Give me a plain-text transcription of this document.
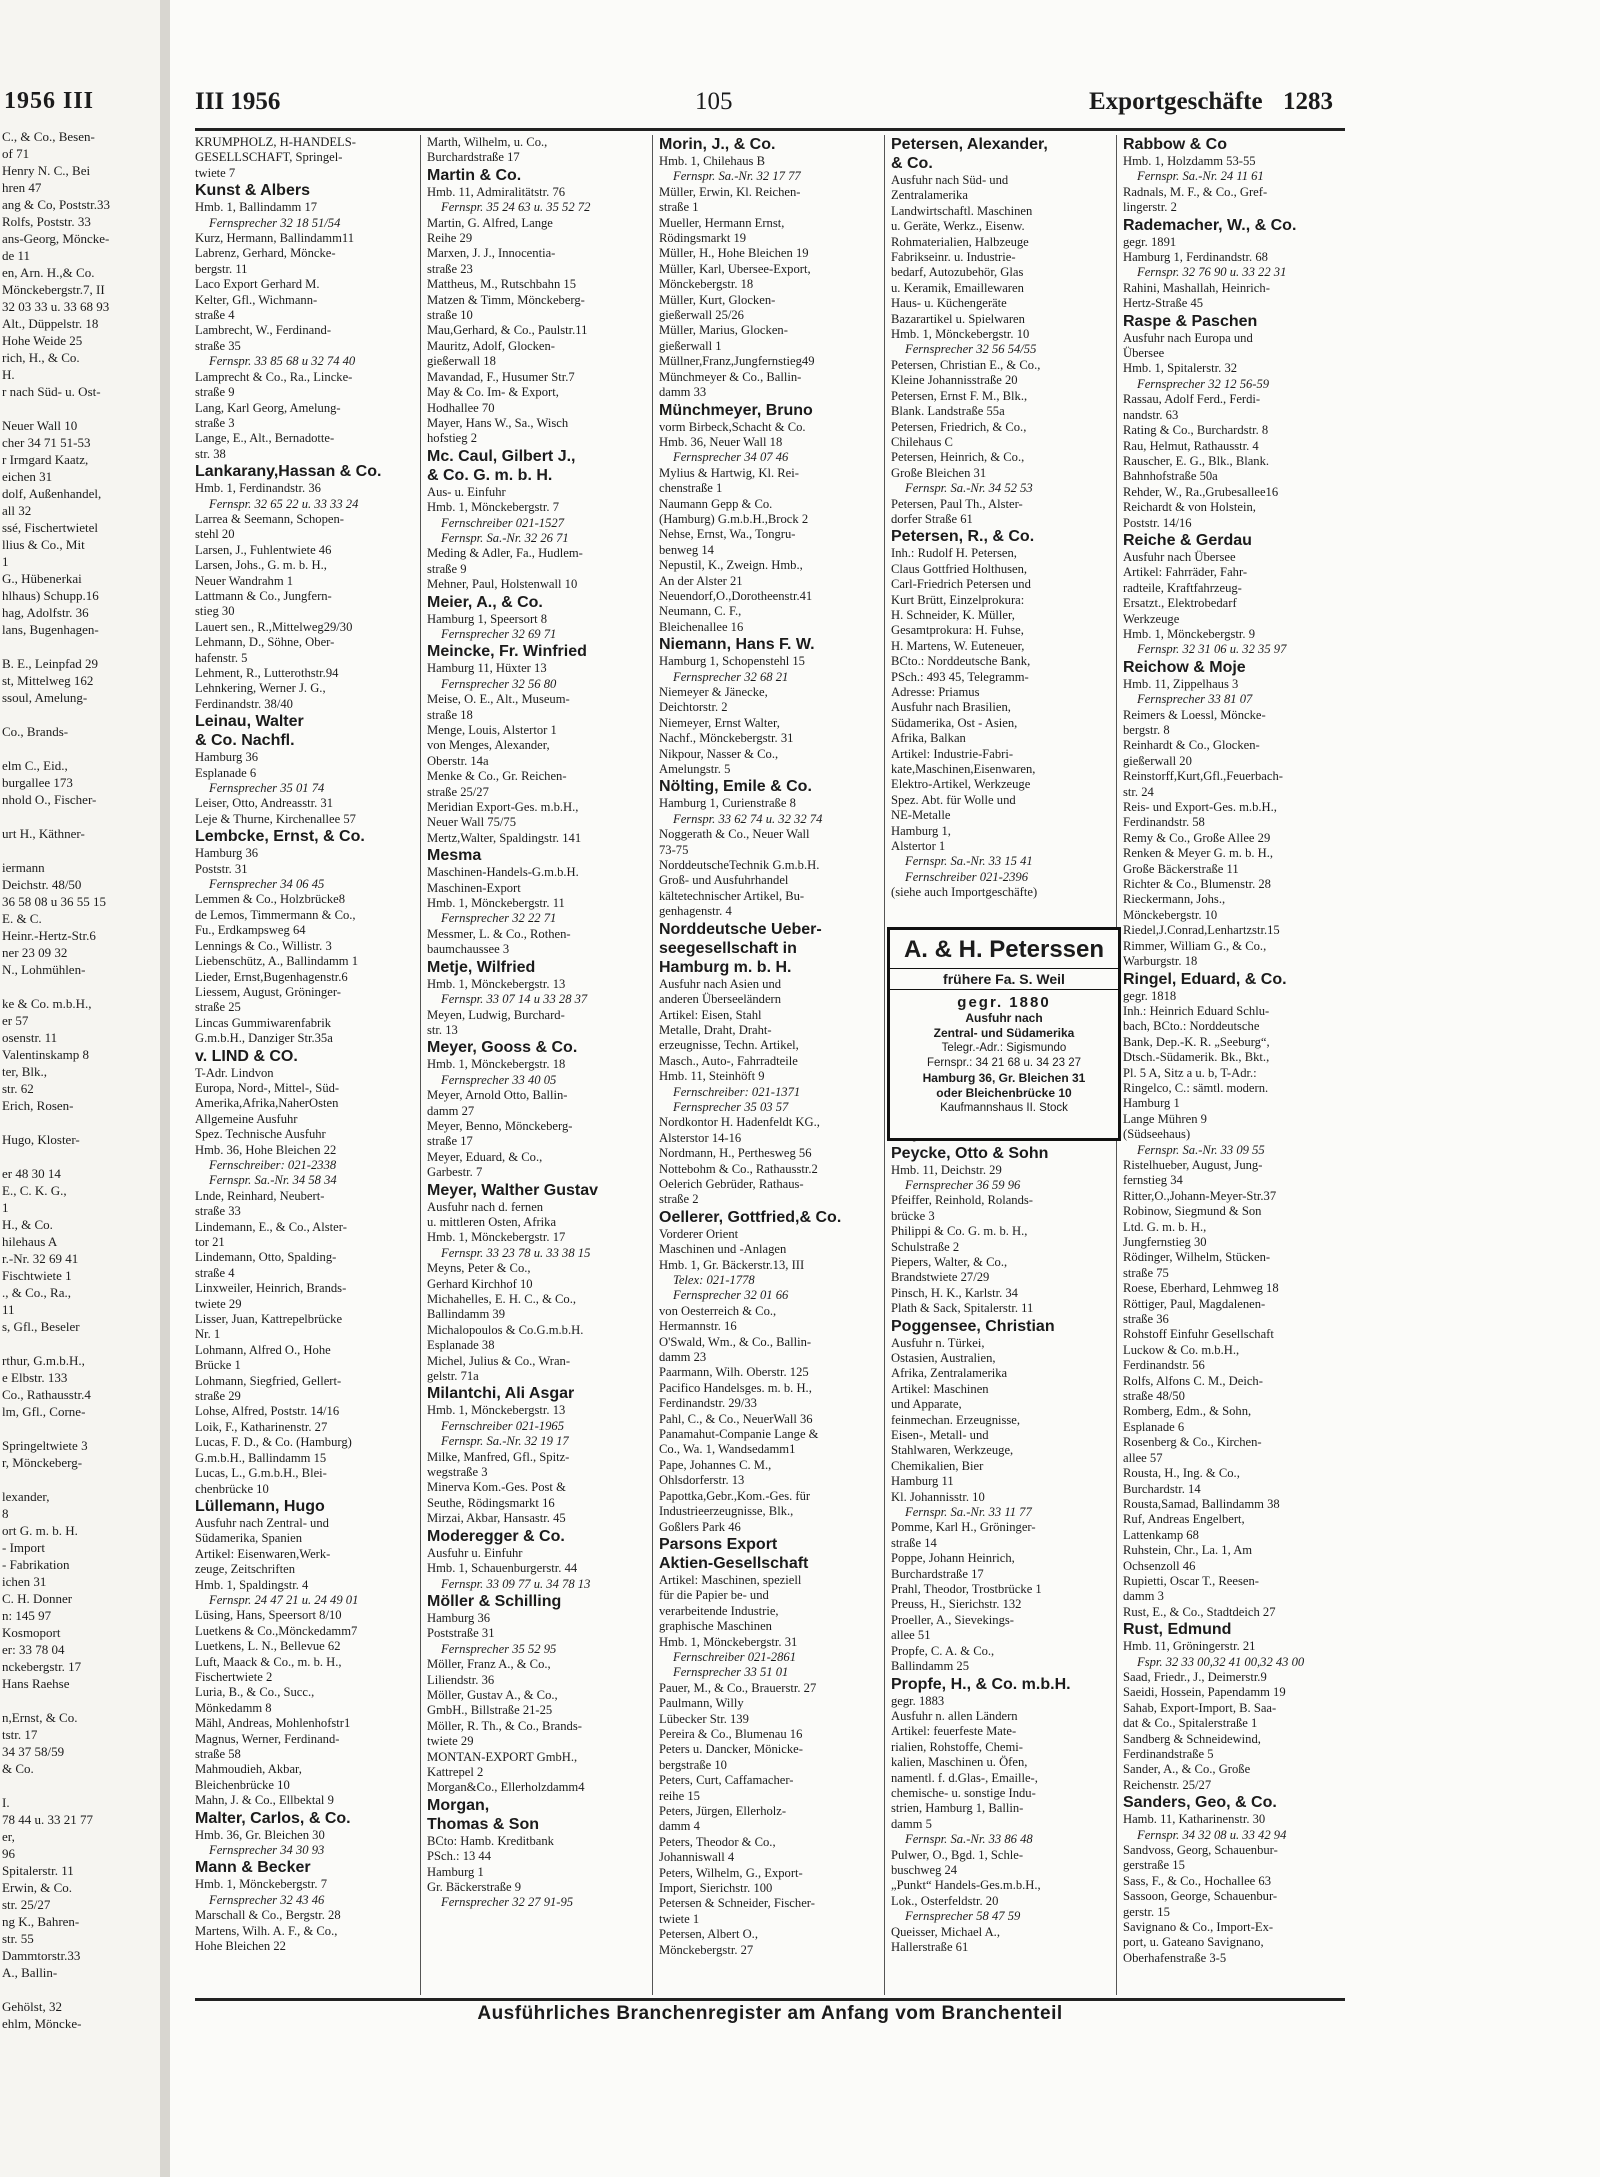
1956 III
C., & Co., Besen-
of 71
Henry N. C., Bei
hren 47
ang & Co, Poststr.33
Rolfs, Poststr. 33
ans-Georg, Möncke-
de 11
en, Arn. H.,& Co.
Mönckebergstr.7, II
32 03 33 u. 33 68 93
Alt., Düppelstr. 18
Hohe Weide 25
rich, H., & Co.
H.
r nach Süd- u. Ost-

Neuer Wall 10
cher 34 71 51-53
r Irmgard Kaatz,
eichen 31
dolf, Außenhandel,
all 32
ssé, Fischertwietel
llius & Co., Mit
1
G., Hübenerkai
hlhaus) Schupp.16
hag, Adolfstr. 36
lans, Bugenhagen-

B. E., Leinpfad 29
st, Mittelweg 162
ssoul, Amelung-

Co., Brands-

elm C., Eid.,
burgallee 173
nhold O., Fischer-

urt H., Käthner-

iermann
Deichstr. 48/50
36 58 08 u 36 55 15
E. & C.
Heinr.-Hertz-Str.6
ner 23 09 32
N., Lohmühlen-

ke & Co. m.b.H.,
er 57
osenstr. 11
Valentinskamp 8
ter, Blk.,
str. 62
Erich, Rosen-

Hugo, Kloster-

er 48 30 14
E., C. K. G.,
1
H., & Co.
hilehaus A
r.-Nr. 32 69 41
Fischtwiete 1
., & Co., Ra.,
11
s, Gfl., Beseler

rthur, G.m.b.H.,
e Elbstr. 133
Co., Rathausstr.4
lm, Gfl., Corne-

Springeltwiete 3
r, Mönckeberg-

lexander,
8
ort G. m. b. H.
- Import
- Fabrikation
ichen 31
C. H. Donner
n: 145 97
Kosmoport
er: 33 78 04
nckebergstr. 17
Hans Raehse

n,Ernst, & Co.
tstr. 17
34 37 58/59
& Co.

I.
78 44 u. 33 21 77
er,
96
Spitalerstr. 11
Erwin, & Co.
str. 25/27
ng K., Bahren-
str. 55
Dammtorstr.33
A., Ballin-

Gehölst, 32
ehlm, Möncke-
III 1956	105	Exportgeschäfte 1283
KRUMPHOLZ, H-HANDELS-
GESELLSCHAFT, Springel-
twiete 7
Kunst & Albers
Hmb. 1, Ballindamm 17
Fernsprecher 32 18 51/54
Kurz, Hermann, Ballindamm11
Labrenz, Gerhard, Möncke-
bergstr. 11
Laco Export Gerhard M.
Kelter, Gfl., Wichmann-
straße 4
Lambrecht, W., Ferdinand-
straße 35
Fernspr. 33 85 68 u 32 74 40
Lamprecht & Co., Ra., Lincke-
straße 9
Lang, Karl Georg, Amelung-
straße 3
Lange, E., Alt., Bernadotte-
str. 38
Lankarany,Hassan & Co.
Hmb. 1, Ferdinandstr. 36
Fernspr. 32 65 22 u. 33 33 24
Larrea & Seemann, Schopen-
stehl 20
Larsen, J., Fuhlentwiete 46
Larsen, Johs., G. m. b. H.,
Neuer Wandrahm 1
Lattmann & Co., Jungfern-
stieg 30
Lauert sen., R.,Mittelweg29/30
Lehmann, D., Söhne, Ober-
hafenstr. 5
Lehment, R., Lutterothstr.94
Lehnkering, Werner J. G.,
Ferdinandstr. 38/40
Leinau, Walter
& Co. Nachfl.
Hamburg 36
Esplanade 6
Fernsprecher 35 01 74
Leiser, Otto, Andreasstr. 31
Leje & Thurne, Kirchenallee 57
Lembcke, Ernst, & Co.
Hamburg 36
Poststr. 31
Fernsprecher 34 06 45
Lemmen & Co., Holzbrücke8
de Lemos, Timmermann & Co.,
Fu., Erdkampsweg 64
Lennings & Co., Willistr. 3
Liebenschütz, A., Ballindamm 1
Lieder, Ernst,Bugenhagenstr.6
Liessem, August, Gröninger-
straße 25
Lincas Gummiwarenfabrik
G.m.b.H., Danziger Str.35a
v. LIND & CO.
T-Adr. Lindvon
Europa, Nord-, Mittel-, Süd-
Amerika,Afrika,NaherOsten
Allgemeine Ausfuhr
Spez. Technische Ausfuhr
Hmb. 36, Hohe Bleichen 22
Fernschreiber: 021-2338
Fernspr. Sa.-Nr. 34 58 34
Lnde, Reinhard, Neubert-
straße 33
Lindemann, E., & Co., Alster-
tor 21
Lindemann, Otto, Spalding-
straße 4
Linxweiler, Heinrich, Brands-
twiete 29
Lisser, Juan, Kattrepelbrücke
Nr. 1
Lohmann, Alfred O., Hohe
Brücke 1
Lohmann, Siegfried, Gellert-
straße 29
Lohse, Alfred, Poststr. 14/16
Loik, F., Katharinenstr. 27
Lucas, F. D., & Co. (Hamburg)
G.m.b.H., Ballindamm 15
Lucas, L., G.m.b.H., Blei-
chenbrücke 10
Lüllemann, Hugo
Ausfuhr nach Zentral- und
Südamerika, Spanien
Artikel: Eisenwaren,Werk-
zeuge, Zeitschriften
Hmb. 1, Spaldingstr. 4
Fernspr. 24 47 21 u. 24 49 01
Lüsing, Hans, Speersort 8/10
Luetkens & Co.,Mönckedamm7
Luetkens, L. N., Bellevue 62
Luft, Maack & Co., m. b. H.,
Fischertwiete 2
Luria, B., & Co., Succ.,
Mönkedamm 8
Mähl, Andreas, Mohlenhofstr1
Magnus, Werner, Ferdinand-
straße 58
Mahmoudieh, Akbar,
Bleichenbrücke 10
Mahn, J. & Co., Ellbektal 9
Malter, Carlos, & Co.
Hmb. 36, Gr. Bleichen 30
Fernsprecher 34 30 93
Mann & Becker
Hmb. 1, Mönckebergstr. 7
Fernsprecher 32 43 46
Marschall & Co., Bergstr. 28
Martens, Wilh. A. F., & Co.,
Hohe Bleichen 22
Marth, Wilhelm, u. Co.,
Burchardstraße 17
Martin & Co.
Hmb. 11, Admiralitätstr. 76
Fernspr. 35 24 63 u. 35 52 72
Martin, G. Alfred, Lange
Reihe 29
Marxen, J. J., Innocentia-
straße 23
Mattheus, M., Rutschbahn 15
Matzen & Timm, Mönckeberg-
straße 10
Mau,Gerhard, & Co., Paulstr.11
Mauritz, Adolf, Glocken-
gießerwall 18
Mavandad, F., Husumer Str.7
May & Co. Im- & Export,
Hodhallee 70
Mayer, Hans W., Sa., Wisch
hofstieg 2
Mc. Caul, Gilbert J.,
& Co. G. m. b. H.
Aus- u. Einfuhr
Hmb. 1, Mönckebergstr. 7
Fernschreiber 021-1527
Fernspr. Sa.-Nr. 32 26 71
Meding & Adler, Fa., Hudlem-
straße 9
Mehner, Paul, Holstenwall 10
Meier, A., & Co.
Hamburg 1, Speersort 8
Fernsprecher 32 69 71
Meincke, Fr. Winfried
Hamburg 11, Hüxter 13
Fernsprecher 32 56 80
Meise, O. E., Alt., Museum-
straße 18
Menge, Louis, Alstertor 1
von Menges, Alexander,
Oberstr. 14a
Menke & Co., Gr. Reichen-
straße 25/27
Meridian Export-Ges. m.b.H.,
Neuer Wall 75/75
Mertz,Walter, Spaldingstr. 141
Mesma
Maschinen-Handels-G.m.b.H.
Maschinen-Export
Hmb. 1, Mönckebergstr. 11
Fernsprecher 32 22 71
Messmer, L. & Co., Rothen-
baumchaussee 3
Metje, Wilfried
Hmb. 1, Mönckebergstr. 13
Fernspr. 33 07 14 u 33 28 37
Meyen, Ludwig, Burchard-
str. 13
Meyer, Gooss & Co.
Hmb. 1, Mönckebergstr. 18
Fernsprecher 33 40 05
Meyer, Arnold Otto, Ballin-
damm 27
Meyer, Benno, Mönckeberg-
straße 17
Meyer, Eduard, & Co.,
Garbestr. 7
Meyer, Walther Gustav
Ausfuhr nach d. fernen
u. mittleren Osten, Afrika
Hmb. 1, Mönckebergstr. 17
Fernspr. 33 23 78 u. 33 38 15
Meyns, Peter & Co.,
Gerhard Kirchhof 10
Michahelles, E. H. C., & Co.,
Ballindamm 39
Michalopoulos & Co.G.m.b.H.
Esplanade 38
Michel, Julius & Co., Wran-
gelstr. 71a
Milantchi, Ali Asgar
Hmb. 1, Mönckebergstr. 13
Fernschreiber 021-1965
Fernspr. Sa.-Nr. 32 19 17
Milke, Manfred, Gfl., Spitz-
wegstraße 3
Minerva Kom.-Ges. Post &
Seuthe, Rödingsmarkt 16
Mirzai, Akbar, Hansastr. 45
Moderegger & Co.
Ausfuhr u. Einfuhr
Hmb. 1, Schauenburgerstr. 44
Fernspr. 33 09 77 u. 34 78 13
Möller & Schilling
Hamburg 36
Poststraße 31
Fernsprecher 35 52 95
Möller, Franz A., & Co.,
Liliendstr. 36
Möller, Gustav A., & Co.,
GmbH., Billstraße 21-25
Möller, R. Th., & Co., Brands-
twiete 29
MONTAN-EXPORT GmbH.,
Kattrepel 2
Morgan&Co., Ellerholzdamm4
Morgan,
Thomas & Son
BCto: Hamb. Kreditbank
PSch.: 13 44
Hamburg 1
Gr. Bäckerstraße 9
Fernsprecher 32 27 91-95
Morin, J., & Co.
Hmb. 1, Chilehaus B
Fernspr. Sa.-Nr. 32 17 77
Müller, Erwin, Kl. Reichen-
straße 1
Mueller, Hermann Ernst,
Rödingsmarkt 19
Müller, H., Hohe Bleichen 19
Müller, Karl, Ubersee-Export,
Mönckebergstr. 18
Müller, Kurt, Glocken-
gießerwall 25/26
Müller, Marius, Glocken-
gießerwall 1
Müllner,Franz,Jungfernstieg49
Münchmeyer & Co., Ballin-
damm 33
Münchmeyer, Bruno
vorm Birbeck,Schacht & Co.
Hmb. 36, Neuer Wall 18
Fernsprecher 34 07 46
Mylius & Hartwig, Kl. Rei-
chenstraße 1
Naumann Gepp & Co.
(Hamburg) G.m.b.H.,Brock 2
Nehse, Ernst, Wa., Tongru-
benweg 14
Nepustil, K., Zweign. Hmb.,
An der Alster 21
Neuendorf,O.,Dorotheenstr.41
Neumann, C. F.,
Bleichenallee 16
Niemann, Hans F. W.
Hamburg 1, Schopenstehl 15
Fernsprecher 32 68 21
Niemeyer & Jänecke,
Deichtorstr. 2
Niemeyer, Ernst Walter,
Nachf., Mönckebergstr. 31
Nikpour, Nasser & Co.,
Amelungstr. 5
Nölting, Emile & Co.
Hamburg 1, Curienstraße 8
Fernspr. 33 62 74 u. 32 32 74
Noggerath & Co., Neuer Wall
73-75
NorddeutscheTechnik G.m.b.H.
Groß- und Ausfuhrhandel
kältetechnischer Artikel, Bu-
genhagenstr. 4
Norddeutsche Ueber-
seegesellschaft in
Hamburg m. b. H.
Ausfuhr nach Asien und
anderen Überseeländern
Artikel: Eisen, Stahl
Metalle, Draht, Draht-
erzeugnisse, Techn. Artikel,
Masch., Auto-, Fahrradteile
Hmb. 11, Steinhöft 9
Fernschreiber: 021-1371
Fernsprecher 35 03 57
Nordkontor H. Hadenfeldt KG.,
Alsterstor 14-16
Nordmann, H., Perthesweg 56
Nottebohm & Co., Rathausstr.2
Oelerich Gebrüder, Rathaus-
straße 2
Oellerer, Gottfried,& Co.
Vorderer Orient
Maschinen und -Anlagen
Hmb. 1, Gr. Bäckerstr.13, III
Telex: 021-1778
Fernsprecher 32 01 66
von Oesterreich & Co.,
Hermannstr. 16
O'Swald, Wm., & Co., Ballin-
damm 23
Paarmann, Wilh. Oberstr. 125
Pacifico Handelsges. m. b. H.,
Ferdinandstr. 29/33
Pahl, C., & Co., NeuerWall 36
Panamahut-Companie Lange &
Co., Wa. 1, Wandsedamm1
Pape, Johannes C. M.,
Ohlsdorferstr. 13
Papottka,Gebr.,Kom.-Ges. für
Industrieerzeugnisse, Blk.,
Goßlers Park 46
Parsons Export
Aktien-Gesellschaft
Artikel: Maschinen, speziell
für die Papier be- und
verarbeitende Industrie,
graphische Maschinen
Hmb. 1, Mönckebergstr. 31
Fernschreiber 021-2861
Fernsprecher 33 51 01
Pauer, M., & Co., Brauerstr. 27
Paulmann, Willy
Lübecker Str. 139
Pereira & Co., Blumenau 16
Peters u. Dancker, Mönicke-
bergstraße 10
Peters, Curt, Caffamacher-
reihe 15
Peters, Jürgen, Ellerholz-
damm 4
Peters, Theodor & Co.,
Johanniswall 4
Peters, Wilhelm, G., Export-
Import, Sierichstr. 100
Petersen & Schneider, Fischer-
twiete 1
Petersen, Albert O.,
Mönckebergstr. 27
Petersen, Alexander,
& Co.
Ausfuhr nach Süd- und
Zentralamerika
Landwirtschaftl. Maschinen
u. Geräte, Werkz., Eisenw.
Rohmaterialien, Halbzeuge
Fabrikseinr. u. Industrie-
bedarf, Autozubehör, Glas
u. Keramik, Emaillewaren
Haus- u. Küchengeräte
Bazarartikel u. Spielwaren
Hmb. 1, Mönckebergstr. 10
Fernsprecher 32 56 54/55
Petersen, Christian E., & Co.,
Kleine Johannisstraße 20
Petersen, Ernst F. M., Blk.,
Blank. Landstraße 55a
Petersen, Friedrich, & Co.,
Chilehaus C
Petersen, Heinrich, & Co.,
Große Bleichen 31
Fernspr. Sa.-Nr. 34 52 53
Petersen, Paul Th., Alster-
dorfer Straße 61
Petersen, R., & Co.
Inh.: Rudolf H. Petersen,
Claus Gottfried Holthusen,
Carl-Friedrich Petersen und
Kurt Brütt, Einzelprokura:
H. Schneider, K. Müller,
Gesamtprokura: H. Fuhse,
H. Martens, W. Euteneuer,
BCto.: Norddeutsche Bank,
PSch.: 493 45, Telegramm-
Adresse: Priamus
Ausfuhr nach Brasilien,
Südamerika, Ost - Asien,
Afrika, Balkan
Artikel: Industrie-Fabri-
kate,Maschinen,Eisenwaren,
Elektro-Artikel, Werkzeuge
Spez. Abt. für Wolle und
NE-Metalle
Hamburg 1,
Alstertor 1
Fernspr. Sa.-Nr. 33 15 41
Fernschreiber 021-2396
(siehe auch Importgeschäfte)
Peycke, Otto & Sohn
Hmb. 11, Deichstr. 29
Fernsprecher 36 59 96
Pfeiffer, Reinhold, Rolands-
brücke 3
Philippi & Co. G. m. b. H.,
Schulstraße 2
Piepers, Walter, & Co.,
Brandstwiete 27/29
Pinsch, H. K., Karlstr. 34
Plath & Sack, Spitalerstr. 11
Poggensee, Christian
Ausfuhr n. Türkei,
Ostasien, Australien,
Afrika, Zentralamerika
Artikel: Maschinen
und Apparate,
feinmechan. Erzeugnisse,
Eisen-, Metall- und
Stahlwaren, Werkzeuge,
Chemikalien, Bier
Hamburg 11
Kl. Johannisstr. 10
Fernspr. Sa.-Nr. 33 11 77
Pomme, Karl H., Gröninger-
straße 14
Poppe, Johann Heinrich,
Burchardstraße 17
Prahl, Theodor, Trostbrücke 1
Preuss, H., Sierichstr. 132
Proeller, A., Sievekings-
allee 51
Propfe, C. A. & Co.,
Ballindamm 25
Propfe, H., & Co. m.b.H.
gegr. 1883
Ausfuhr n. allen Ländern
Artikel: feuerfeste Mate-
rialien, Rohstoffe, Chemi-
kalien, Maschinen u. Öfen,
namentl. f. d.Glas-, Emaille-,
chemische- u. sonstige Indu-
strien, Hamburg 1, Ballin-
damm 5
Fernspr. Sa.-Nr. 33 86 48
Pulwer, O., Bgd. 1, Schle-
buschweg 24
„Punkt“ Handels-Ges.m.b.H.,
Lok., Osterfeldstr. 20
Fernsprecher 58 47 59
Queisser, Michael A.,
Hallerstraße 61
Rabbow & Co
Hmb. 1, Holzdamm 53-55
Fernspr. Sa.-Nr. 24 11 61
Radnals, M. F., & Co., Gref-
lingerstr. 2
Rademacher, W., & Co.
gegr. 1891
Hamburg 1, Ferdinandstr. 68
Fernspr. 32 76 90 u. 33 22 31
Rahini, Mashallah, Heinrich-
Hertz-Straße 45
Raspe & Paschen
Ausfuhr nach Europa und
Übersee
Hmb. 1, Spitalerstr. 32
Fernsprecher 32 12 56-59
Rassau, Adolf Ferd., Ferdi-
nandstr. 63
Rating & Co., Burchardstr. 8
Rau, Helmut, Rathausstr. 4
Rauscher, E. G., Blk., Blank.
Bahnhofstraße 50a
Rehder, W., Ra.,Grubesallee16
Reichardt & von Holstein,
Poststr. 14/16
Reiche & Gerdau
Ausfuhr nach Übersee
Artikel: Fahrräder, Fahr-
radteile, Kraftfahrzeug-
Ersatzt., Elektrobedarf
Werkzeuge
Hmb. 1, Mönckebergstr. 9
Fernspr. 32 31 06 u. 32 35 97
Reichow & Moje
Hmb. 11, Zippelhaus 3
Fernsprecher 33 81 07
Reimers & Loessl, Möncke-
bergstr. 8
Reinhardt & Co., Glocken-
gießerwall 20
Reinstorff,Kurt,Gfl.,Feuerbach-
str. 24
Reis- und Export-Ges. m.b.H.,
Ferdinandstr. 58
Remy & Co., Große Allee 29
Renken & Meyer G. m. b. H.,
Große Bäckerstraße 11
Richter & Co., Blumenstr. 28
Rieckermann, Johs.,
Mönckebergstr. 10
Riedel,J.Conrad,Lenhartzstr.15
Rimmer, William G., & Co.,
Warburgstr. 18
Ringel, Eduard, & Co.
gegr. 1818
Inh.: Heinrich Eduard Schlu-
bach, BCto.: Norddeutsche
Bank, Dep.-K. R. „Seeburg“,
Dtsch.-Südamerik. Bk., Bkt.,
Pl. 5 A, Sitz a u. b, T-Adr.:
Ringelco, C.: sämtl. modern.
Hamburg 1
Lange Mühren 9
(Südseehaus)
Fernspr. Sa.-Nr. 33 09 55
Ristelhueber, August, Jung-
fernstieg 34
Ritter,O.,Johann-Meyer-Str.37
Robinow, Siegmund & Son
Ltd. G. m. b. H.,
Jungfernstieg 30
Rödinger, Wilhelm, Stücken-
straße 75
Roese, Eberhard, Lehmweg 18
Röttiger, Paul, Magdalenen-
straße 36
Rohstoff Einfuhr Gesellschaft
Luckow & Co. m.b.H.,
Ferdinandstr. 56
Rolfs, Alfons C. M., Deich-
straße 48/50
Romberg, Edm., & Sohn,
Esplanade 6
Rosenberg & Co., Kirchen-
allee 57
Rousta, H., Ing. & Co.,
Burchardstr. 14
Rousta,Samad, Ballindamm 38
Ruf, Andreas Engelbert,
Lattenkamp 68
Ruhstein, Chr., La. 1, Am
Ochsenzoll 46
Rupietti, Oscar T., Reesen-
damm 3
Rust, E., & Co., Stadtdeich 27
Rust, Edmund
Hmb. 11, Gröningerstr. 21
Fspr. 32 33 00,32 41 00,32 43 00
Saad, Friedr., J., Deimerstr.9
Saeidi, Hossein, Papendamm 19
Sahab, Export-Import, B. Saa-
dat & Co., Spitalerstraße 1
Sandberg & Schneidewind,
Ferdinandstraße 5
Sander, A., & Co., Große
Reichenstr. 25/27
Sanders, Geo, & Co.
Hamb. 11, Katharinenstr. 30
Fernspr. 34 32 08 u. 33 42 94
Sandvoss, Georg, Schauenbur-
gerstraße 15
Sass, F., & Co., Hochallee 63
Sassoon, George, Schauenbur-
gerstr. 15
Savignano & Co., Import-Ex-
port, u. Gateano Savignano,
Oberhafenstraße 3-5
A. & H. Peterssen
frühere Fa. S. Weil
gegr. 1880
Ausfuhr nach
Zentral- und Südamerika
Telegr.-Adr.: Sigismundo
Fernspr.: 34 21 68 u. 34 23 27
Hamburg 36, Gr. Bleichen 31
oder Bleichenbrücke 10
Kaufmannshaus II. Stock
Ausführliches Branchenregister am Anfang vom Branchenteil
